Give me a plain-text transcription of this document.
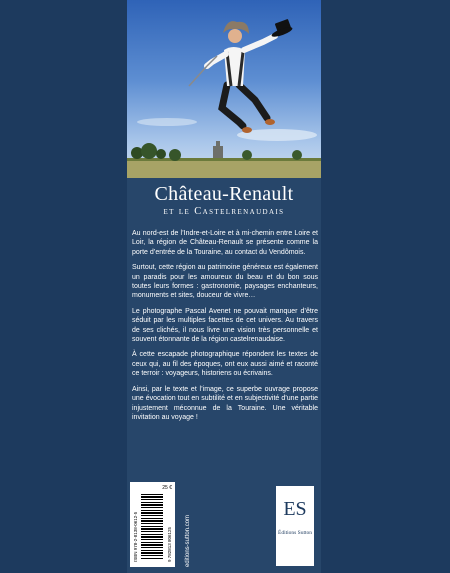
Château-Renault
et le Castelrenaudais

Au nord-est de l’Indre-et-Loire et à mi-chemin entre Loire et Loir, la région de Château-Renault se présente comme la porte d’entrée de la Touraine, au contact du Vendômois.

Surtout, cette région au patrimoine généreux est également un paradis pour les amoureux du beau et du bon sous toutes leurs formes : gastronomie, paysages enchanteurs, monuments et sites, douceur de vivre…

Le photographe Pascal Avenet ne pouvait manquer d’être séduit par les multiples facettes de cet univers. Au travers de ses clichés, il nous livre une vision très personnelle et souvent étonnante de la région castelrenaudaise.

À cette escapade photographique répondent les textes de ceux qui, au fil des époques, ont eux aussi aimé et raconté ce terroir : voyageurs, historiens ou écrivains.

Ainsi, par le texte et l’image, ce superbe ouvrage propose une évocation tout en subtilité et en subjectivité d’une partie injustement méconnue de la Touraine. Une véritable invitation au voyage !

25 €
ISBN 978-2-8138-0612-5	9 782813 806125 editions-sutton.com
ES
Éditions Sutton
